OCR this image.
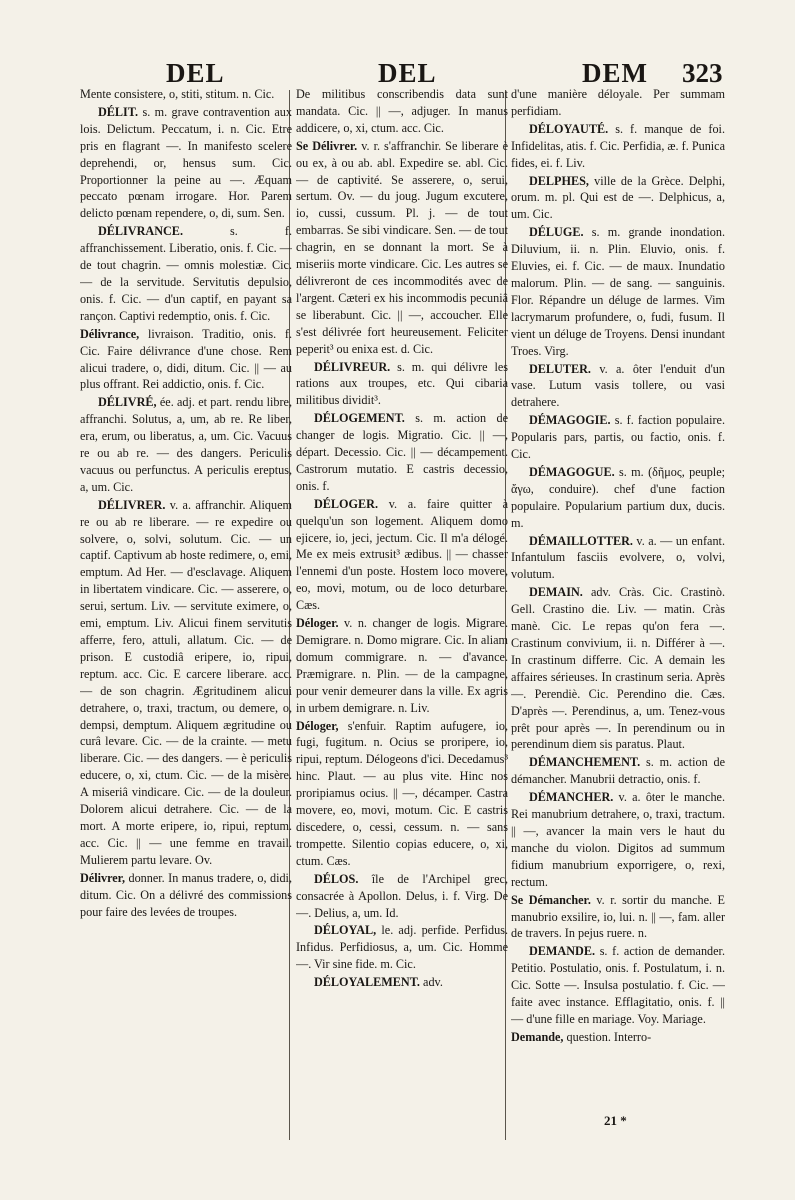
DEL	DEL	DEM 323

Mente consistere, o, stiti, stitum. n. Cic.

DÉLIT. s. m. grave contravention aux lois. Delictum. Peccatum, i. n. Cic. Etre pris en flagrant —. In manifesto scelere deprehendi, or, hensus sum. Cic. Proportionner la peine au —. Æquam peccato pœnam irrogare. Hor. Parem delicto pœnam rependere, o, di, sum. Sen.

DÉLIVRANCE. s. f. affranchissement. Liberatio, onis. f. Cic. — de tout chagrin. — omnis molestiæ. Cic. — de la servitude. Servitutis depulsio, onis. f. Cic. — d'un captif, en payant sa rançon. Captivi redemptio, onis. f. Cic.

Délivrance, livraison. Traditio, onis. f. Cic. Faire délivrance d'une chose. Rem alicui tradere, o, didi, ditum. Cic. || — au plus offrant. Rei addictio, onis. f. Cic.

DÉLIVRÉ, ée. adj. et part. rendu libre, affranchi. Solutus, a, um, ab re. Re liber, era, erum, ou liberatus, a, um. Cic. Vacuus re ou ab re. — des dangers. Periculis vacuus ou perfunctus. A periculis ereptus, a, um. Cic.

DÉLIVRER. v. a. affranchir. Aliquem re ou ab re liberare. — re expedire ou solvere, o, solvi, solutum. Cic. — un captif. Captivum ab hoste redimere, o, emi, emptum. Ad Her. — d'esclavage. Aliquem in libertatem vindicare. Cic. — asserere, o, serui, sertum. Liv. — servitute eximere, o, emi, emptum. Liv. Alicui finem servitutis afferre, fero, attuli, allatum. Cic. — de prison. E custodiâ eripere, io, ripui, reptum. acc. Cic. E carcere liberare. acc. — de son chagrin. Ægritudinem alicui detrahere, o, traxi, tractum, ou demere, o, dempsi, demptum. Aliquem ægritudine ou curâ levare. Cic. — de la crainte. — metu liberare. Cic. — des dangers. — è periculis educere, o, xi, ctum. Cic. — de la misère. A miseriâ vindicare. Cic. — de la douleur. Dolorem alicui detrahere. Cic. — de la mort. A morte eripere, io, ripui, reptum. acc. Cic. || — une femme en travail. Mulierem partu levare. Ov.

Délivrer, donner. In manus tradere, o, didi, ditum. Cic. On a délivré des commissions pour faire des levées de troupes.

De militibus conscribendis data sunt mandata. Cic. || —, adjuger. In manus addicere, o, xi, ctum. acc. Cic.

Se Délivrer. v. r. s'affranchir. Se liberare è ou ex, à ou ab. abl. Expedire se. abl. Cic. — de captivité. Se asserere, o, serui, sertum. Ov. — du joug. Jugum excutere, io, cussi, cussum. Pl. j. — de tout embarras. Se sibi vindicare. Sen. — de tout chagrin, en se donnant la mort. Se à miseriis morte vindicare. Cic. Les autres se délivreront de ces incommodités avec de l'argent. Cæteri ex his incommodis pecuniâ se liberabunt. Cic. || —, accoucher. Elle s'est délivrée fort heureusement. Feliciter peperit³ ou enixa est. d. Cic.

DÉLIVREUR. s. m. qui délivre les rations aux troupes, etc. Qui cibaria militibus dividit³.

DÉLOGEMENT. s. m. action de changer de logis. Migratio. Cic. || —, départ. Decessio. Cic. || — décampement. Castrorum mutatio. E castris decessio, onis. f.

DÉLOGER. v. a. faire quitter à quelqu'un son logement. Aliquem domo ejicere, io, jeci, jectum. Cic. Il m'a délogé. Me ex meis extrusit³ ædibus. || — chasser l'ennemi d'un poste. Hostem loco movere, eo, movi, motum, ou de loco deturbare. Cæs.

Déloger. v. n. changer de logis. Migrare. Demigrare. n. Domo migrare. Cic. In aliam domum commigrare. n. — d'avance. Præmigrare. n. Plin. — de la campagne, pour venir demeurer dans la ville. Ex agris in urbem demigrare. n. Liv.

Déloger, s'enfuir. Raptim aufugere, io, fugi, fugitum. n. Ocius se proripere, io, ripui, reptum. Délogeons d'ici. Decedamus³ hinc. Plaut. — au plus vite. Hinc nos proripiamus ocius. || —, décamper. Castra movere, eo, movi, motum. Cic. E castris discedere, o, cessi, cessum. n. — sans trompette. Silentio copias educere, o, xi, ctum. Cæs.

DÉLOS. île de l'Archipel grec, consacrée à Apollon. Delus, i. f. Virg. De —. Delius, a, um. Id.

DÉLOYAL, le. adj. perfide. Perfidus. Infidus. Perfidiosus, a, um. Cic. Homme —. Vir sine fide. m. Cic.

DÉLOYALEMENT. adv.

d'une manière déloyale. Per summam perfidiam.

DÉLOYAUTÉ. s. f. manque de foi. Infidelitas, atis. f. Cic. Perfidia, æ. f. Punica fides, ei. f. Liv.

DELPHES, ville de la Grèce. Delphi, orum. m. pl. Qui est de —. Delphicus, a, um. Cic.

DÉLUGE. s. m. grande inondation. Diluvium, ii. n. Plin. Eluvio, onis. f. Eluvies, ei. f. Cic. — de maux. Inundatio malorum. Plin. — de sang. — sanguinis. Flor. Répandre un déluge de larmes. Vim lacrymarum profundere, o, fudi, fusum. Il vient un déluge de Troyens. Densi inundant Troes. Virg.

DELUTER. v. a. ôter l'enduit d'un vase. Lutum vasis tollere, ou vasi detrahere.

DÉMAGOGIE. s. f. faction populaire. Popularis pars, partis, ou factio, onis. f. Cic.

DÉMAGOGUE. s. m. (δῆμος, peuple; ἄγω, conduire). chef d'une faction populaire. Popularium partium dux, ducis. m.

DÉMAILLOTTER. v. a. — un enfant. Infantulum fasciis evolvere, o, volvi, volutum.

DEMAIN. adv. Cràs. Cic. Crastinò. Gell. Crastino die. Liv. — matin. Cràs manè. Cic. Le repas qu'on fera —. Crastinum convivium, ii. n. Différer à —. In crastinum differre. Cic. A demain les affaires sérieuses. In crastinum seria. Après —. Perendiè. Cic. Perendino die. Cæs. D'après —. Perendinus, a, um. Tenez-vous prêt pour après —. In perendinum ou in perendinum diem sis paratus. Plaut.

DÉMANCHEMENT. s. m. action de démancher. Manubrii detractio, onis. f.

DÉMANCHER. v. a. ôter le manche. Rei manubrium detrahere, o, traxi, tractum. || —, avancer la main vers le haut du manche du violon. Digitos ad summum fidium manubrium exporrigere, o, rexi, rectum.

Se Démancher. v. r. sortir du manche. E manubrio exsilire, io, lui. n. || —, fam. aller de travers. In pejus ruere. n.

DEMANDE. s. f. action de demander. Petitio. Postulatio, onis. f. Postulatum, i. n. Cic. Sotte —. Insulsa postulatio. f. Cic. — faite avec instance. Efflagitatio, onis. f. || — d'une fille en mariage. Voy. Mariage.

Demande, question. Interro-

21 *
